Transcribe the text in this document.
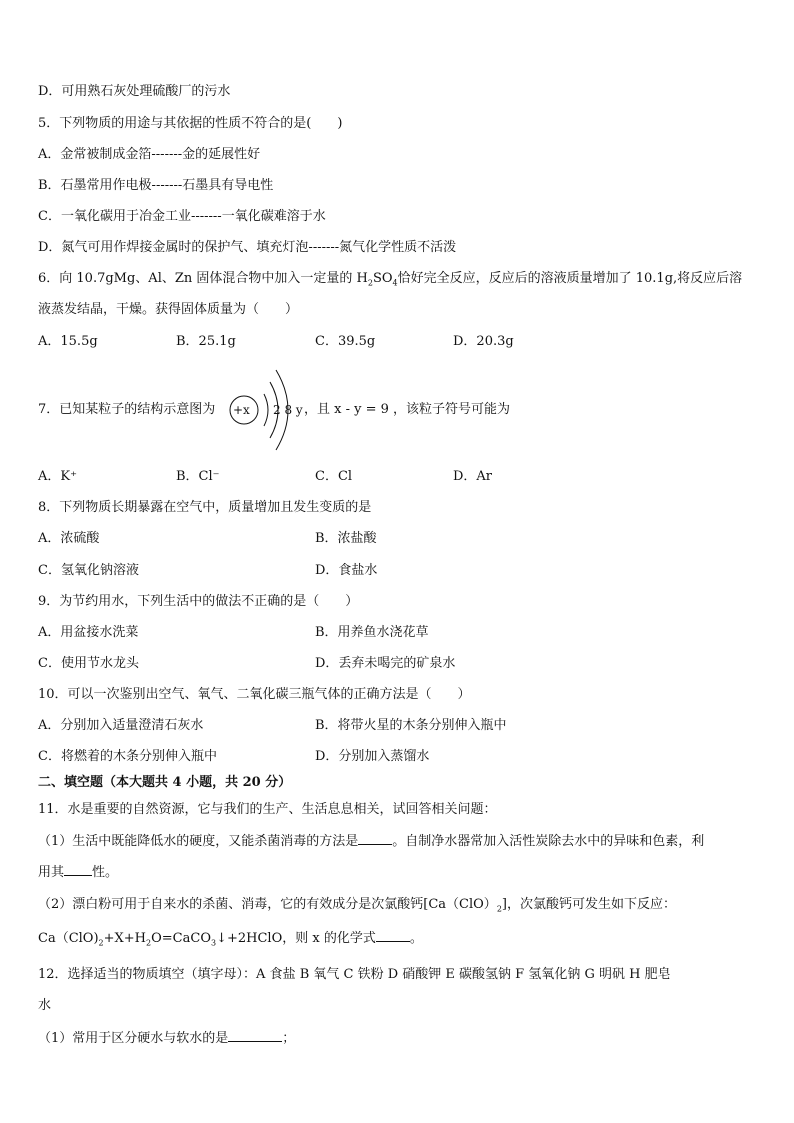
D．可用熟石灰处理硫酸厂的污水
5．下列物质的用途与其依据的性质不符合的是(　　)
A．金常被制成金箔-------金的延展性好
B．石墨常用作电极-------石墨具有导电性
C．一氧化碳用于冶金工业-------一氧化碳难溶于水
D．氮气可用作焊接金属时的保护气、填充灯泡-------氮气化学性质不活泼
6．向 10.7gMg、Al、Zn 固体混合物中加入一定量的 $H_2SO_4$恰好完全反应，反应后的溶液质量增加了 10.1g,将反应后溶
液蒸发结晶，干燥。获得固体质量为（　　）
A．15.5g	B．25.1g	C．39.5g	D．20.3g
7．已知某粒子的结构示意图为 +x 2 8 y ，且 x - y = 9 ，该粒子符号可能为
A．K⁺	B．Cl⁻	C．Cl	D．Ar
8．下列物质长期暴露在空气中，质量增加且发生变质的是
A．浓硫酸	B．浓盐酸
C．氢氧化钠溶液	D．食盐水
9．为节约用水，下列生活中的做法不正确的是（　　）
A．用盆接水洗菜	B．用养鱼水浇花草
C．使用节水龙头	D．丢弃未喝完的矿泉水
10．可以一次鉴别出空气、氧气、二氧化碳三瓶气体的正确方法是（　　）
A．分别加入适量澄清石灰水	B．将带火星的木条分别伸入瓶中
C．将燃着的木条分别伸入瓶中	D．分别加入蒸馏水
二、填空题（本大题共 4 小题，共 20 分）
11．水是重要的自然资源，它与我们的生产、生活息息相关，试回答相关问题：
（1）生活中既能降低水的硬度，又能杀菌消毒的方法是	。自制净水器常加入活性炭除去水中的异味和色素，利
用其 性。
（2）漂白粉可用于自来水的杀菌、消毒，它的有效成分是次氯酸钙$[Ca(ClO)_2]$，次氯酸钙可发生如下反应：
$Ca(ClO)_2+X+H_2O=CaCO_3↓+2HClO$，则 x 的化学式	。
12．选择适当的物质填空（填字母）：A 食盐 B 氧气 C 铁粉 D 硝酸钾 E 碳酸氢钠 F 氢氧化钠 G 明矾 H 肥皂
水
（1）常用于区分硬水与软水的是	；
